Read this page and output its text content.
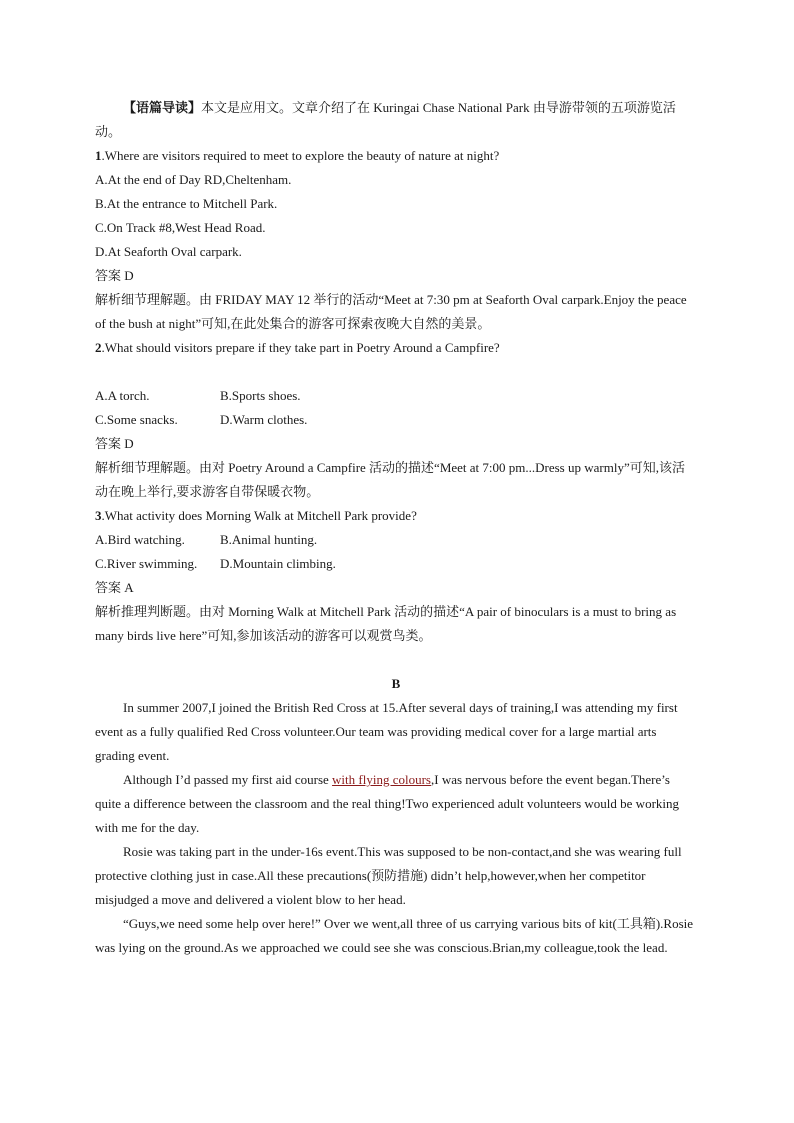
【语篇导读】本文是应用文。文章介绍了在 Kuringai Chase National Park 由导游带领的五项游览活动。

1.Where are visitors required to meet to explore the beauty of nature at night?

A.At the end of Day RD,Cheltenham.

B.At the entrance to Mitchell Park.

C.On Track #8,West Head Road.

D.At Seaforth Oval carpark.

答案 D

解析细节理解题。由 FRIDAY MAY 12 举行的活动“Meet at 7:30 pm at Seaforth Oval carpark.Enjoy the peace of the bush at night”可知,在此处集合的游客可探索夜晚大自然的美景。

2.What should visitors prepare if they take part in Poetry Around a Campfire?

A.A torch.	B.Sports shoes.
C.Some snacks.	D.Warm clothes.

答案 D

解析细节理解题。由对 Poetry Around a Campfire 活动的描述“Meet at 7:00 pm...Dress up warmly”可知,该活动在晚上举行,要求游客自带保暖衣物。

3.What activity does Morning Walk at Mitchell Park provide?

A.Bird watching.	B.Animal hunting.
C.River swimming.	D.Mountain climbing.

答案 A

解析推理判断题。由对 Morning Walk at Mitchell Park 活动的描述“A pair of binoculars is a must to bring as many birds live here”可知,参加该活动的游客可以观赏鸟类。

B

In summer 2007,I joined the British Red Cross at 15.After several days of training,I was attending my first event as a fully qualified Red Cross volunteer.Our team was providing medical cover for a large martial arts grading event.

Although I’d passed my first aid course with flying colours,I was nervous before the event began.There’s quite a difference between the classroom and the real thing!Two experienced adult volunteers would be working with me for the day.

Rosie was taking part in the under-16s event.This was supposed to be non-contact,and she was wearing full protective clothing just in case.All these precautions(预防措施) didn’t help,however,when her competitor misjudged a move and delivered a violent blow to her head.

“Guys,we need some help over here!” Over we went,all three of us carrying various bits of kit(工具箱).Rosie was lying on the ground.As we approached we could see she was conscious.Brian,my colleague,took the lead.
